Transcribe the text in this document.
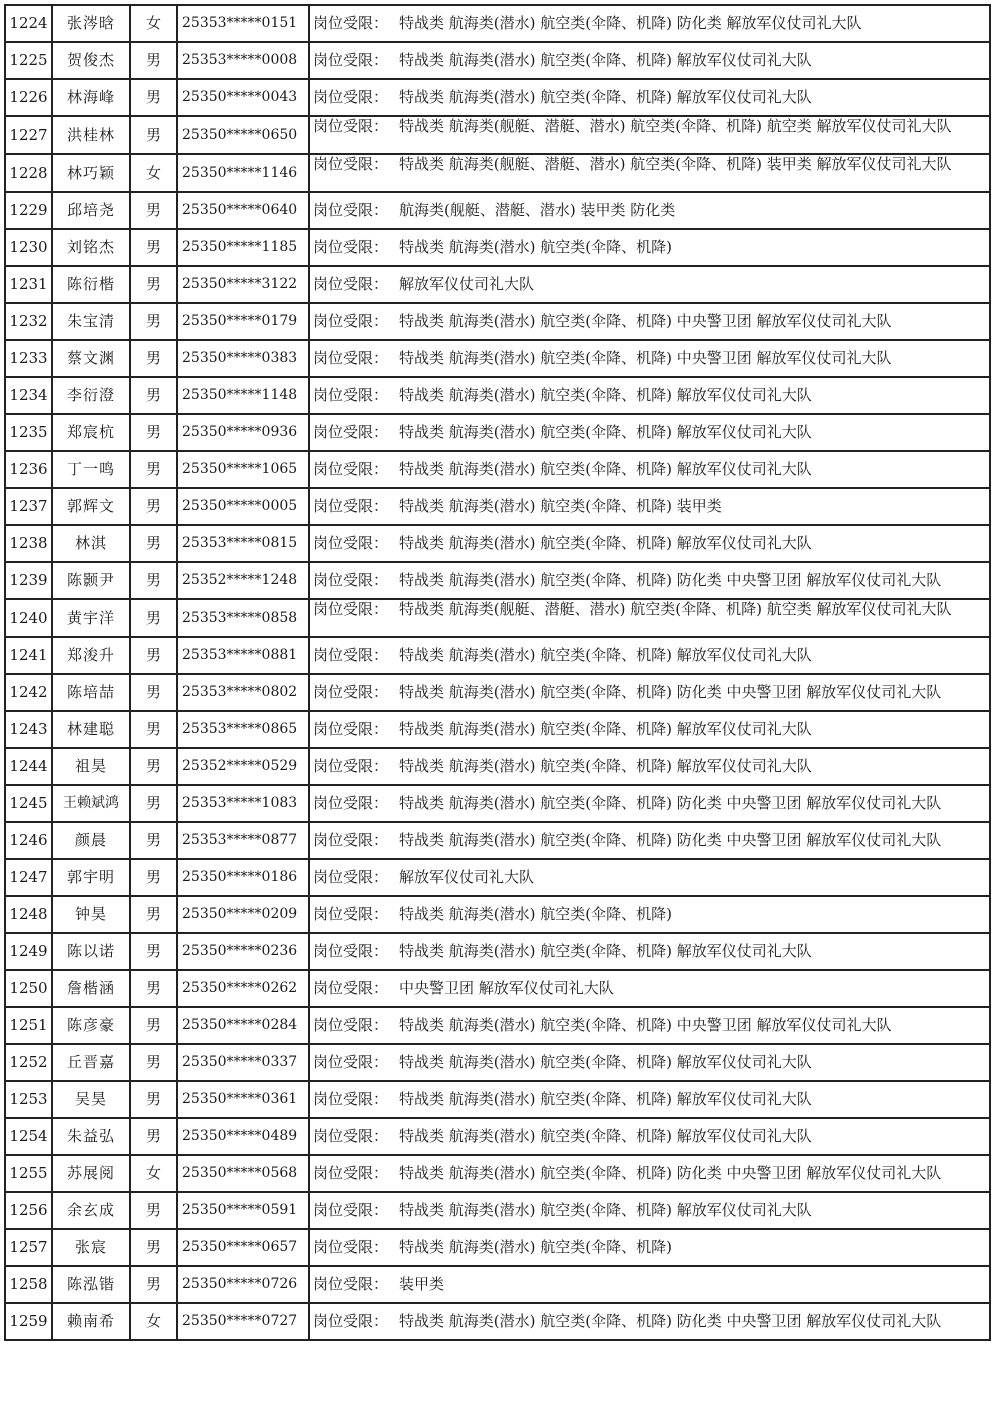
1224	张涔晗	女	25353*****0151	岗位受限： 特战类 航海类(潜水) 航空类(伞降、机降) 防化类 解放军仪仗司礼大队
1225	贺俊杰	男	25353*****0008	岗位受限： 特战类 航海类(潜水) 航空类(伞降、机降) 解放军仪仗司礼大队
1226	林海峰	男	25350*****0043	岗位受限： 特战类 航海类(潜水) 航空类(伞降、机降) 解放军仪仗司礼大队
1227	洪桂林	男	25350*****0650	岗位受限： 特战类 航海类(舰艇、潜艇、潜水) 航空类(伞降、机降) 航空类 解放军仪仗司礼大队
1228	林巧颖	女	25350*****1146	岗位受限： 特战类 航海类(舰艇、潜艇、潜水) 航空类(伞降、机降) 装甲类 解放军仪仗司礼大队
1229	邱培尧	男	25350*****0640	岗位受限： 航海类(舰艇、潜艇、潜水) 装甲类 防化类
1230	刘铭杰	男	25350*****1185	岗位受限： 特战类 航海类(潜水) 航空类(伞降、机降)
1231	陈衍楷	男	25350*****3122	岗位受限： 解放军仪仗司礼大队
1232	朱宝清	男	25350*****0179	岗位受限： 特战类 航海类(潜水) 航空类(伞降、机降) 中央警卫团 解放军仪仗司礼大队
1233	蔡文渊	男	25350*****0383	岗位受限： 特战类 航海类(潜水) 航空类(伞降、机降) 中央警卫团 解放军仪仗司礼大队
1234	李衍澄	男	25350*****1148	岗位受限： 特战类 航海类(潜水) 航空类(伞降、机降) 解放军仪仗司礼大队
1235	郑宸杭	男	25350*****0936	岗位受限： 特战类 航海类(潜水) 航空类(伞降、机降) 解放军仪仗司礼大队
1236	丁一鸣	男	25350*****1065	岗位受限： 特战类 航海类(潜水) 航空类(伞降、机降) 解放军仪仗司礼大队
1237	郭辉文	男	25350*****0005	岗位受限： 特战类 航海类(潜水) 航空类(伞降、机降) 装甲类
1238	林淇	男	25353*****0815	岗位受限： 特战类 航海类(潜水) 航空类(伞降、机降) 解放军仪仗司礼大队
1239	陈颢尹	男	25352*****1248	岗位受限： 特战类 航海类(潜水) 航空类(伞降、机降) 防化类 中央警卫团 解放军仪仗司礼大队
1240	黄宇洋	男	25353*****0858	岗位受限： 特战类 航海类(舰艇、潜艇、潜水) 航空类(伞降、机降) 航空类 解放军仪仗司礼大队
1241	郑浚升	男	25353*****0881	岗位受限： 特战类 航海类(潜水) 航空类(伞降、机降) 解放军仪仗司礼大队
1242	陈培喆	男	25353*****0802	岗位受限： 特战类 航海类(潜水) 航空类(伞降、机降) 防化类 中央警卫团 解放军仪仗司礼大队
1243	林建聪	男	25353*****0865	岗位受限： 特战类 航海类(潜水) 航空类(伞降、机降) 解放军仪仗司礼大队
1244	祖昊	男	25352*****0529	岗位受限： 特战类 航海类(潜水) 航空类(伞降、机降) 解放军仪仗司礼大队
1245	王赖斌鸿	男	25353*****1083	岗位受限： 特战类 航海类(潜水) 航空类(伞降、机降) 防化类 中央警卫团 解放军仪仗司礼大队
1246	颜晨	男	25353*****0877	岗位受限： 特战类 航海类(潜水) 航空类(伞降、机降) 防化类 中央警卫团 解放军仪仗司礼大队
1247	郭宇明	男	25350*****0186	岗位受限： 解放军仪仗司礼大队
1248	钟昊	男	25350*****0209	岗位受限： 特战类 航海类(潜水) 航空类(伞降、机降)
1249	陈以诺	男	25350*****0236	岗位受限： 特战类 航海类(潜水) 航空类(伞降、机降) 解放军仪仗司礼大队
1250	詹楷涵	男	25350*****0262	岗位受限： 中央警卫团 解放军仪仗司礼大队
1251	陈彦豪	男	25350*****0284	岗位受限： 特战类 航海类(潜水) 航空类(伞降、机降) 中央警卫团 解放军仪仗司礼大队
1252	丘晋嘉	男	25350*****0337	岗位受限： 特战类 航海类(潜水) 航空类(伞降、机降) 解放军仪仗司礼大队
1253	吴昊	男	25350*****0361	岗位受限： 特战类 航海类(潜水) 航空类(伞降、机降) 解放军仪仗司礼大队
1254	朱益弘	男	25350*****0489	岗位受限： 特战类 航海类(潜水) 航空类(伞降、机降) 解放军仪仗司礼大队
1255	苏展阅	女	25350*****0568	岗位受限： 特战类 航海类(潜水) 航空类(伞降、机降) 防化类 中央警卫团 解放军仪仗司礼大队
1256	余玄成	男	25350*****0591	岗位受限： 特战类 航海类(潜水) 航空类(伞降、机降) 解放军仪仗司礼大队
1257	张宸	男	25350*****0657	岗位受限： 特战类 航海类(潜水) 航空类(伞降、机降)
1258	陈泓锴	男	25350*****0726	岗位受限： 装甲类
1259	赖南希	女	25350*****0727	岗位受限： 特战类 航海类(潜水) 航空类(伞降、机降) 防化类 中央警卫团 解放军仪仗司礼大队
